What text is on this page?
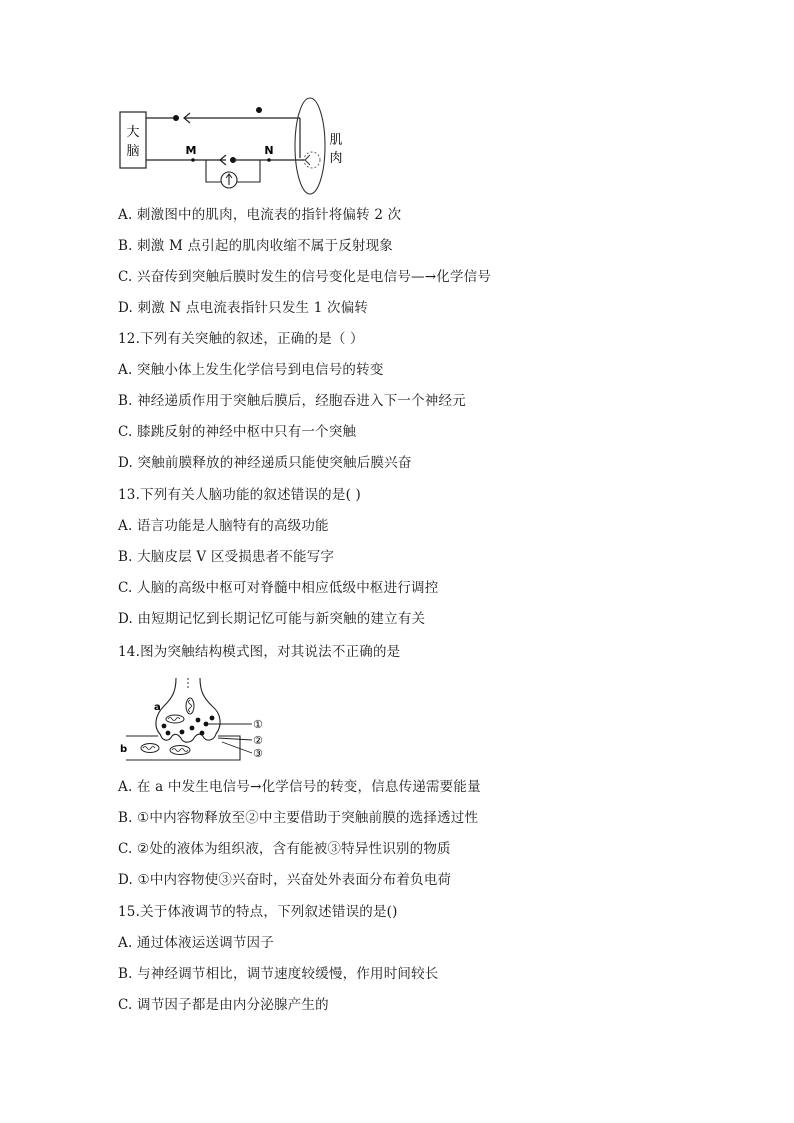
大
脑	M	N
肌
肉
A. 刺激图中的肌肉，电流表的指针将偏转 2 次
B. 刺激 M 点引起的肌肉收缩不属于反射现象
C. 兴奋传到突触后膜时发生的信号变化是电信号—→化学信号
D. 刺激 N 点电流表指针只发生 1 次偏转
12.下列有关突触的叙述，正确的是（ ）
A. 突触小体上发生化学信号到电信号的转变
B. 神经递质作用于突触后膜后，经胞吞进入下一个神经元
C. 膝跳反射的神经中枢中只有一个突触
D. 突触前膜释放的神经递质只能使突触后膜兴奋
13.下列有关人脑功能的叙述错误的是( )
A. 语言功能是人脑特有的高级功能
B. 大脑皮层 V 区受损患者不能写字
C. 人脑的高级中枢可对脊髓中相应低级中枢进行调控
D. 由短期记忆到长期记忆可能与新突触的建立有关
14.图为突触结构模式图，对其说法不正确的是
a
b
①
②
③
A. 在 a 中发生电信号→化学信号的转变，信息传递需要能量
B. ①中内容物释放至②中主要借助于突触前膜的选择透过性
C. ②处的液体为组织液，含有能被③特异性识别的物质
D. ①中内容物使③兴奋时，兴奋处外表面分布着负电荷
15.关于体液调节的特点，下列叙述错误的是()
A. 通过体液运送调节因子
B. 与神经调节相比，调节速度较缓慢，作用时间较长
C. 调节因子都是由内分泌腺产生的
